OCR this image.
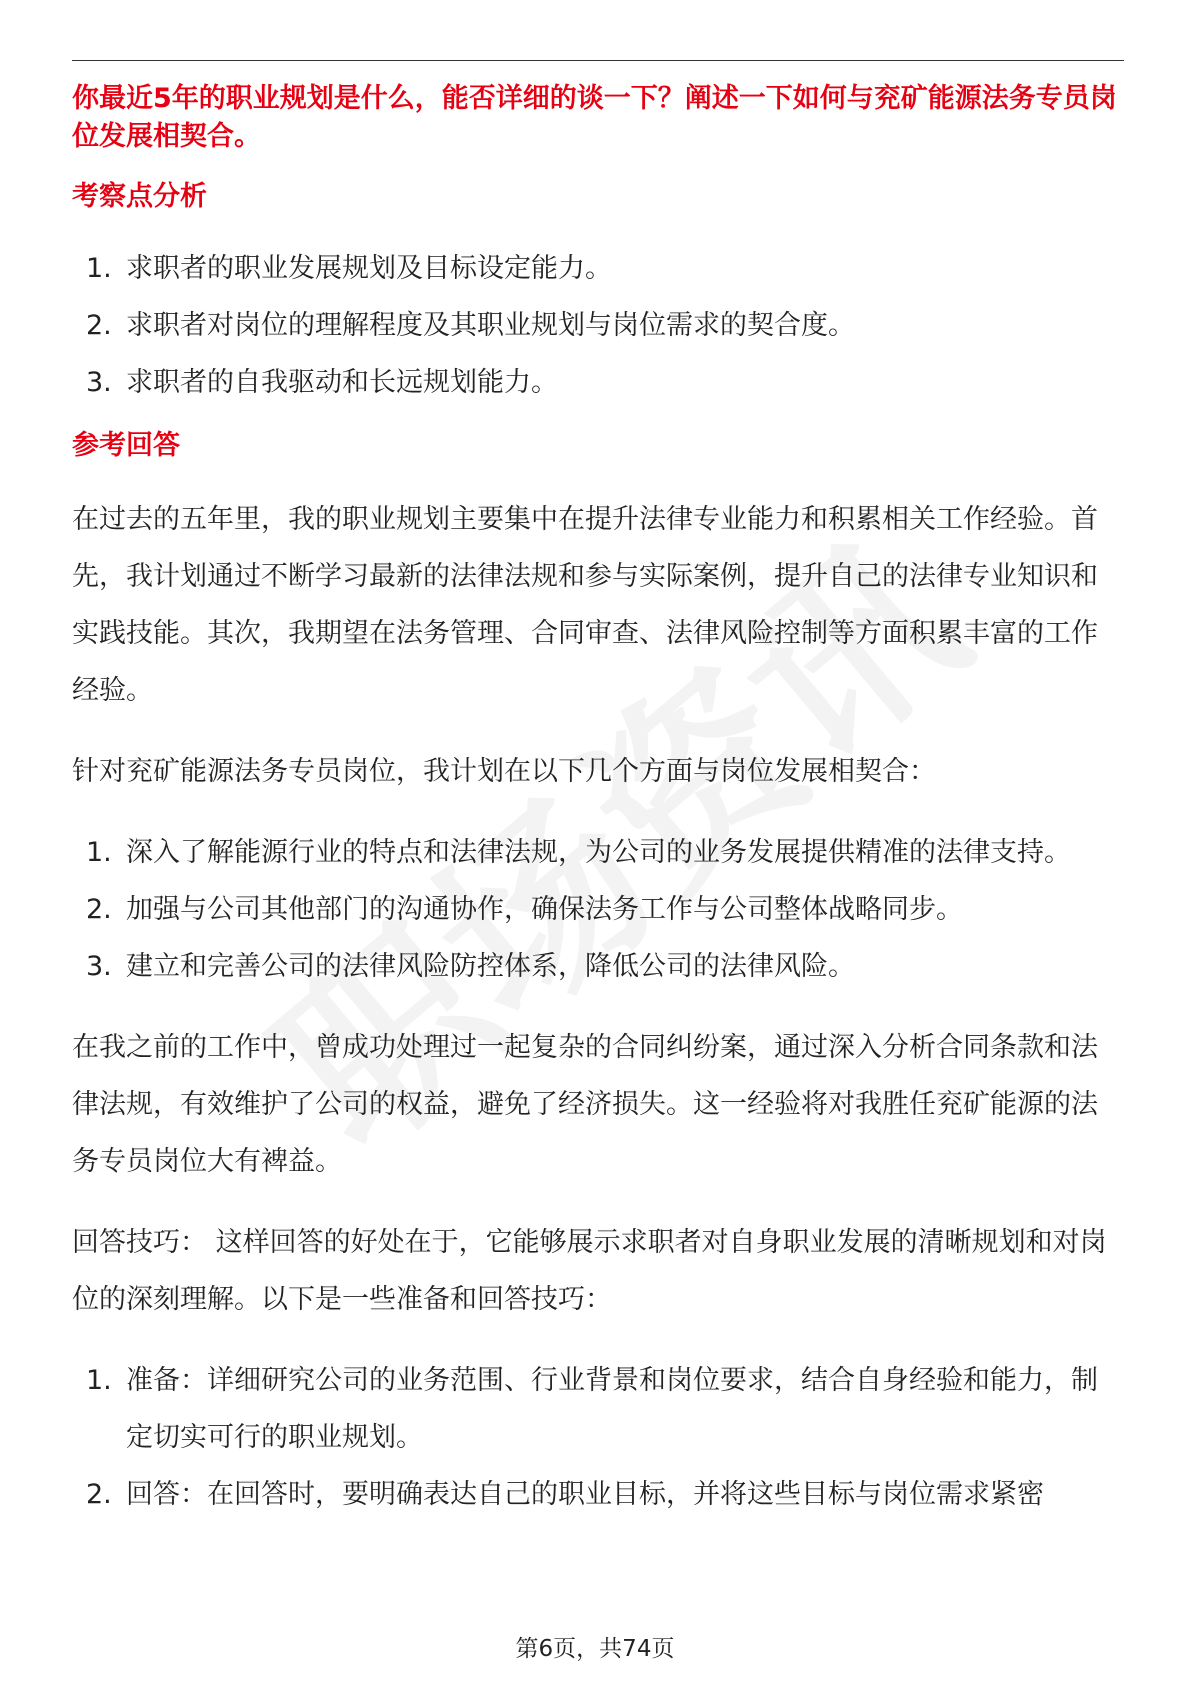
你最近5年的职业规划是什么，能否详细的谈一下？阐述一下如何与兖矿能源法务专员岗位发展相契合。

考察点分析
1. 求职者的职业发展规划及目标设定能力。
2. 求职者对岗位的理解程度及其职业规划与岗位需求的契合度。
3. 求职者的自我驱动和长远规划能力。
参考回答

在过去的五年里，我的职业规划主要集中在提升法律专业能力和积累相关工作经验。首先，我计划通过不断学习最新的法律法规和参与实际案例，提升自己的法律专业知识和实践技能。其次，我期望在法务管理、合同审查、法律风险控制等方面积累丰富的工作经验。

针对兖矿能源法务专员岗位，我计划在以下几个方面与岗位发展相契合：

1. 深入了解能源行业的特点和法律法规，为公司的业务发展提供精准的法律支持。
2. 加强与公司其他部门的沟通协作，确保法务工作与公司整体战略同步。
3. 建立和完善公司的法律风险防控体系，降低公司的法律风险。

在我之前的工作中，曾成功处理过一起复杂的合同纠纷案，通过深入分析合同条款和法律法规，有效维护了公司的权益，避免了经济损失。这一经验将对我胜任兖矿能源的法务专员岗位大有裨益。

回答技巧： 这样回答的好处在于，它能够展示求职者对自身职业发展的清晰规划和对岗位的深刻理解。以下是一些准备和回答技巧：

1. 准备：详细研究公司的业务范围、行业背景和岗位要求，结合自身经验和能力，制定切实可行的职业规划。
2. 回答：在回答时，要明确表达自己的职业目标，并将这些目标与岗位需求紧密
第6页，共74页
